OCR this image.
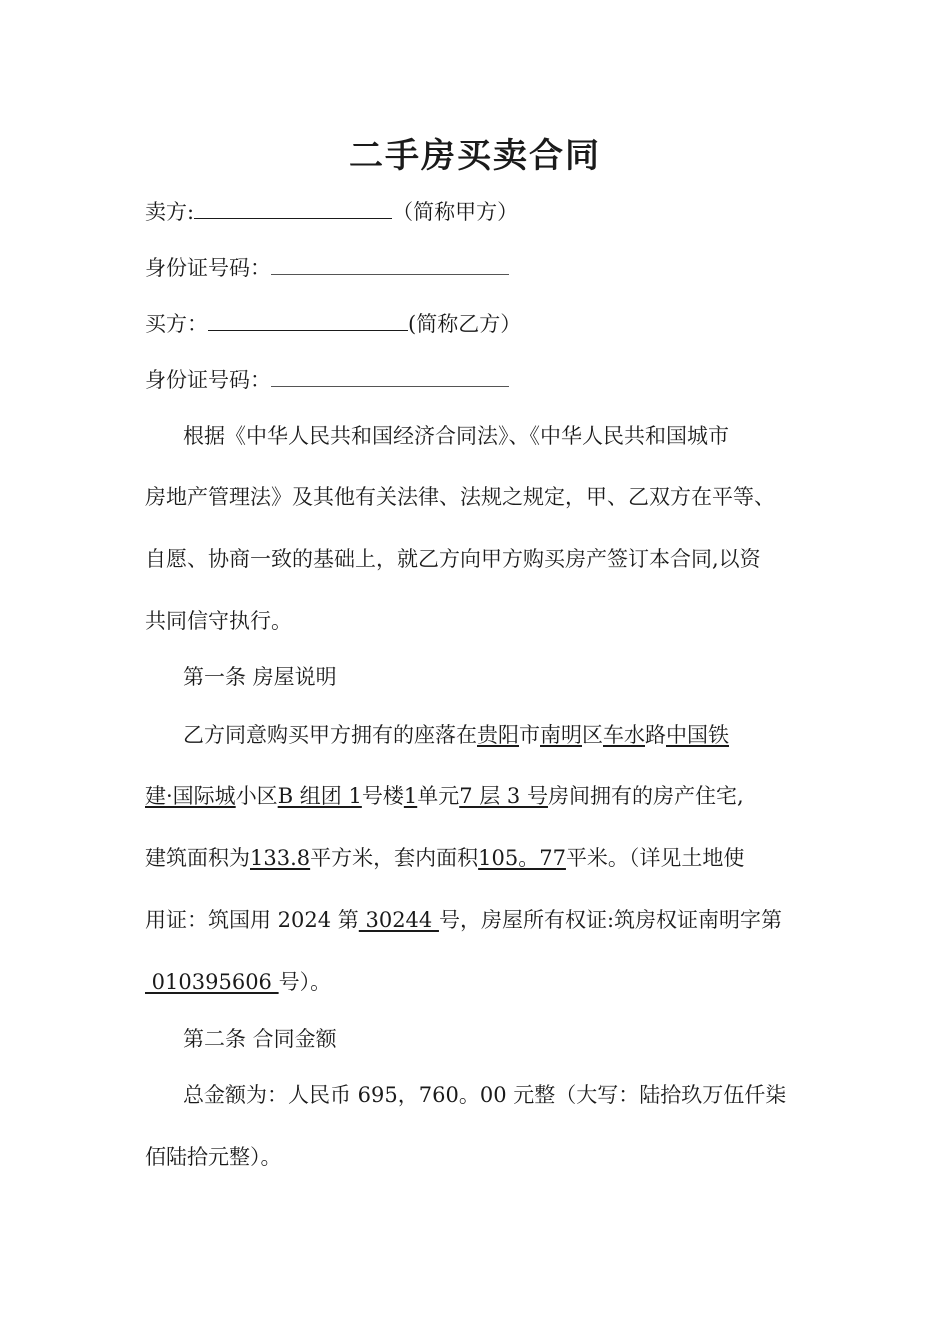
二手房买卖合同
卖方:	（简称甲方）
身份证号码：
买方：	(简称乙方）
身份证号码：
根据《中华人民共和国经济合同法》、《中华人民共和国城市
房地产管理法》及其他有关法律、法规之规定，甲、乙双方在平等、
自愿、协商一致的基础上，就乙方向甲方购买房产签订本合同,以资
共同信守执行。
第一条 房屋说明
乙方同意购买甲方拥有的座落在贵阳市南明区车水路中国铁
建·国际城小区B 组团 1号楼1单元7 层 3 号房间拥有的房产住宅,
建筑面积为133.8平方米，套内面积105。77平米。（详见土地使
用证：筑国用 2024 第 30244 号，房屋所有权证:筑房权证南明字第
010395606 号）。
第二条 合同金额
总金额为：人民币 695，760。00 元整（大写：陆拾玖万伍仟柒
佰陆拾元整）。
